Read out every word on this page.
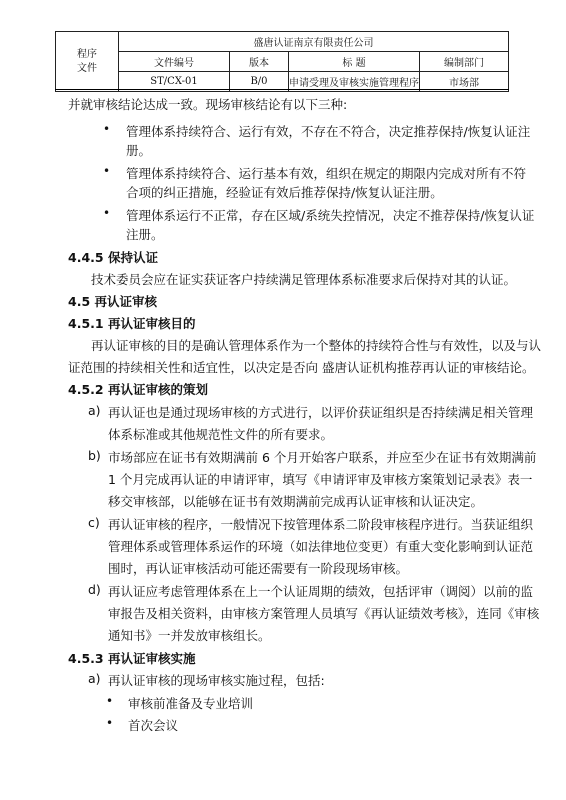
程序
文件	盛唐认证南京有限责任公司			
	文件编号	版本	标 题	编制部门
	ST/CX-01	B/0	申请受理及审核实施管理程序	市场部
并就审核结论达成一致。现场审核结论有以下三种:
• 管理体系持续符合、运行有效，不存在不符合，决定推荐保持/恢复认证注
册。
• 管理体系持续符合、运行基本有效，组织在规定的期限内完成对所有不符
合项的纠正措施，经验证有效后推荐保持/恢复认证注册。
• 管理体系运行不正常，存在区域/系统失控情况，决定不推荐保持/恢复认证
注册。
4.4.5 保持认证
技术委员会应在证实获证客户持续满足管理体系标准要求后保持对其的认证。
4.5 再认证审核
4.5.1 再认证审核目的
再认证审核的目的是确认管理体系作为一个整体的持续符合性与有效性，以及与认
证范围的持续相关性和适宜性，以决定是否向 盛唐认证机构推荐再认证的审核结论。
4.5.2 再认证审核的策划
a) 再认证也是通过现场审核的方式进行，以评价获证组织是否持续满足相关管理
体系标准或其他规范性文件的所有要求。
b) 市场部应在证书有效期满前 6 个月开始客户联系，并应至少在证书有效期满前
1 个月完成再认证的申请评审，填写《申请评审及审核方案策划记录表》表一
移交审核部，以能够在证书有效期满前完成再认证审核和认证决定。
c) 再认证审核的程序，一般情况下按管理体系二阶段审核程序进行。当获证组织
管理体系或管理体系运作的环境（如法律地位变更）有重大变化影响到认证范
围时，再认证审核活动可能还需要有一阶段现场审核。
d) 再认证应考虑管理体系在上一个认证周期的绩效，包括评审（调阅）以前的监
审报告及相关资料，由审核方案管理人员填写《再认证绩效考核》，连同《审核
通知书》一并发放审核组长。
4.5.3 再认证审核实施
a) 再认证审核的现场审核实施过程，包括:
• 审核前准备及专业培训
• 首次会议
